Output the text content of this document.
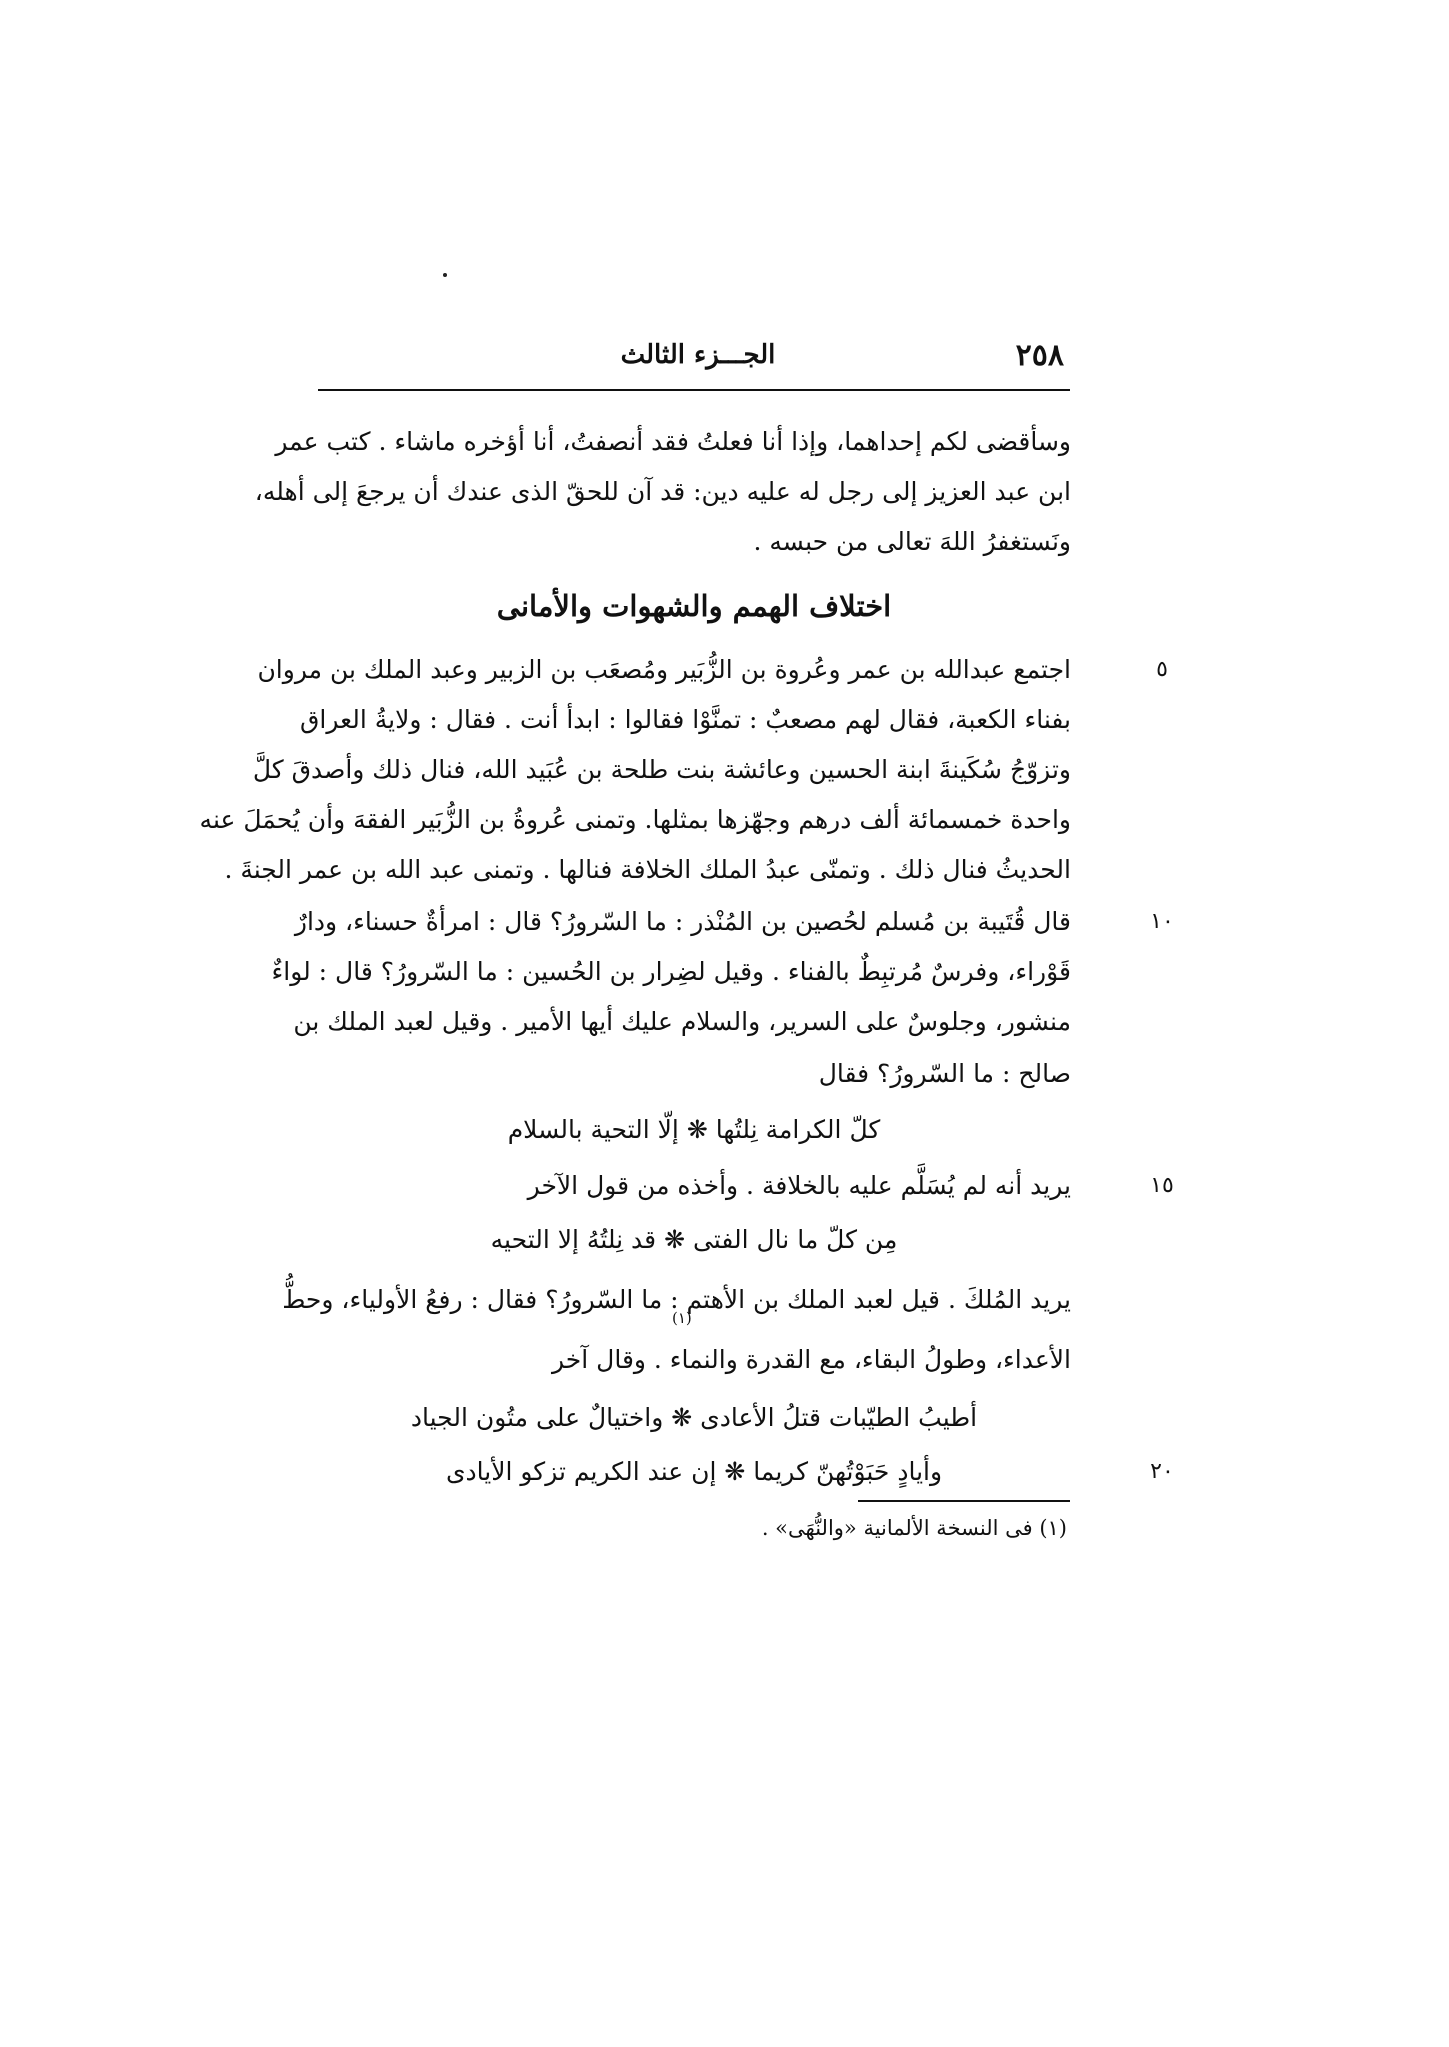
٢٥٨
الجـــزء الثالث
وسأقضى لكم إحداهما، وإذا أنا فعلتُ فقد أنصفتُ، أنا أؤخره ماشاء . كتب عمر
ابن عبد العزيز إلى رجل له عليه دين: قد آن للحقّ الذى عندك أن يرجعَ إلى أهله،
ونَستغفرُ اللهَ تعالى من حبسه .
اختلاف الهمم والشهوات والأمانى
اجتمع عبدالله بن عمر وعُروة بن الزُّبَير ومُصعَب بن الزبير وعبد الملك بن مروان
بفناء الكعبة، فقال لهم مصعبٌ : تمنَّوْا فقالوا : ابدأ أنت . فقال : ولايةُ العراق
وتزوّجُ سُكَينةَ ابنة الحسين وعائشة بنت طلحة بن عُبَيد الله، فنال ذلك وأصدقَ كلَّ
واحدة خمسمائة ألف درهم وجهّزها بمثلها. وتمنى عُروةُ بن الزُّبَير الفقهَ وأن يُحمَلَ عنه
الحديثُ فنال ذلك . وتمنّى عبدُ الملك الخلافة فنالها . وتمنى عبد الله بن عمر الجنةَ .
قال قُتَيبة بن مُسلم لحُصين بن المُنْذر : ما السّرورُ؟ قال : امرأةٌ حسناء، ودارٌ
قَوْراء، وفرسٌ مُرتبِطٌ بالفناء . وقيل لضِرار بن الحُسين : ما السّرورُ؟ قال : لواءٌ
منشور، وجلوسٌ على السرير، والسلام عليك أيها الأمير . وقيل لعبد الملك بن
صالح : ما السّرورُ؟ فقال
كلّ الكرامة نِلتُها ❋ إلّا التحية بالسلام
يريد أنه لم يُسَلَّم عليه بالخلافة . وأخذه من قول الآخر
مِن كلّ ما نال الفتى ❋ قد نِلتُهُ إلا التحيه
يريد المُلكَ . قيل لعبد الملك بن الأهتم : ما السّرورُ؟ فقال : رفعُ الأولياء، وحطُّ
الأعداء، وطولُ البقاء، مع القدرة والنماء . وقال آخر
(١)
أطيبُ الطيّبات قتلُ الأعادى ❋ واختيالٌ على متُون الجياد
وأيادٍ حَبَوْتُهنّ كريما ❋ إن عند الكريم تزكو الأيادى
٥
١٠
١٥
٢٠
(١) فى النسخة الألمانية «والنُّهَى» .
